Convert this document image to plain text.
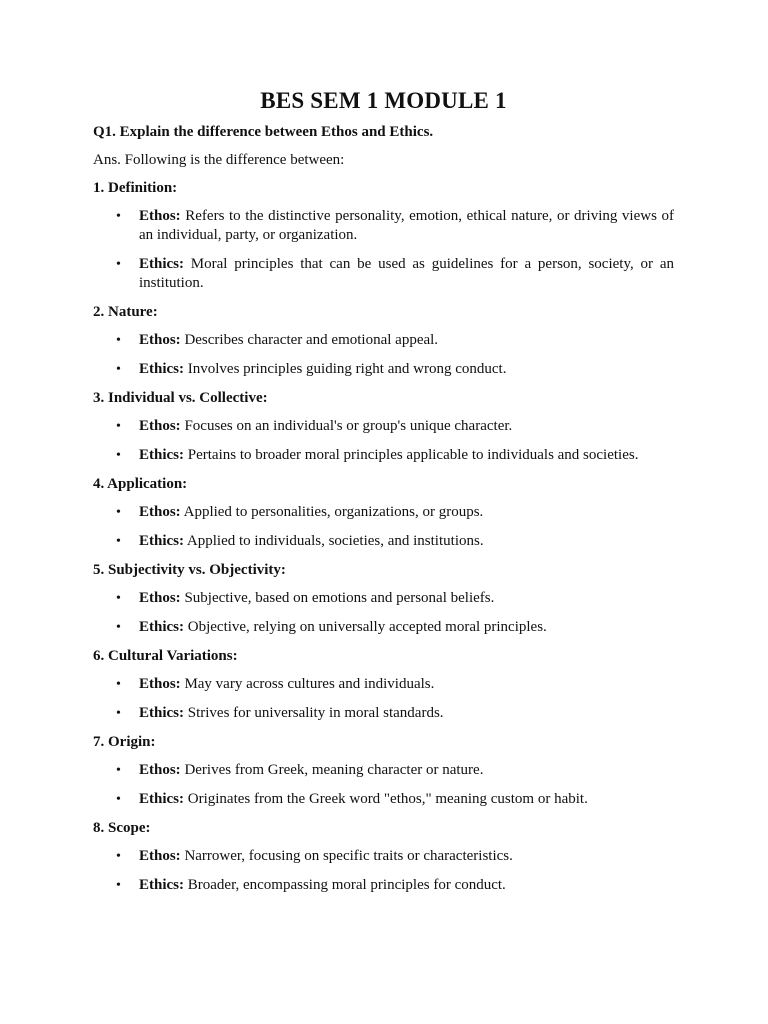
BES SEM 1 MODULE 1

Q1. Explain the difference between Ethos and Ethics.

Ans. Following is the difference between:

1. Definition:

• Ethos: Refers to the distinctive personality, emotion, ethical nature, or driving views of an individual, party, or organization.
• Ethics: Moral principles that can be used as guidelines for a person, society, or an institution.

2. Nature:

• Ethos: Describes character and emotional appeal.
• Ethics: Involves principles guiding right and wrong conduct.

3. Individual vs. Collective:

• Ethos: Focuses on an individual's or group's unique character.
• Ethics: Pertains to broader moral principles applicable to individuals and societies.

4. Application:

• Ethos: Applied to personalities, organizations, or groups.
• Ethics: Applied to individuals, societies, and institutions.

5. Subjectivity vs. Objectivity:

• Ethos: Subjective, based on emotions and personal beliefs.
• Ethics: Objective, relying on universally accepted moral principles.

6. Cultural Variations:

• Ethos: May vary across cultures and individuals.
• Ethics: Strives for universality in moral standards.

7. Origin:

• Ethos: Derives from Greek, meaning character or nature.
• Ethics: Originates from the Greek word "ethos," meaning custom or habit.

8. Scope:

• Ethos: Narrower, focusing on specific traits or characteristics.
• Ethics: Broader, encompassing moral principles for conduct.
